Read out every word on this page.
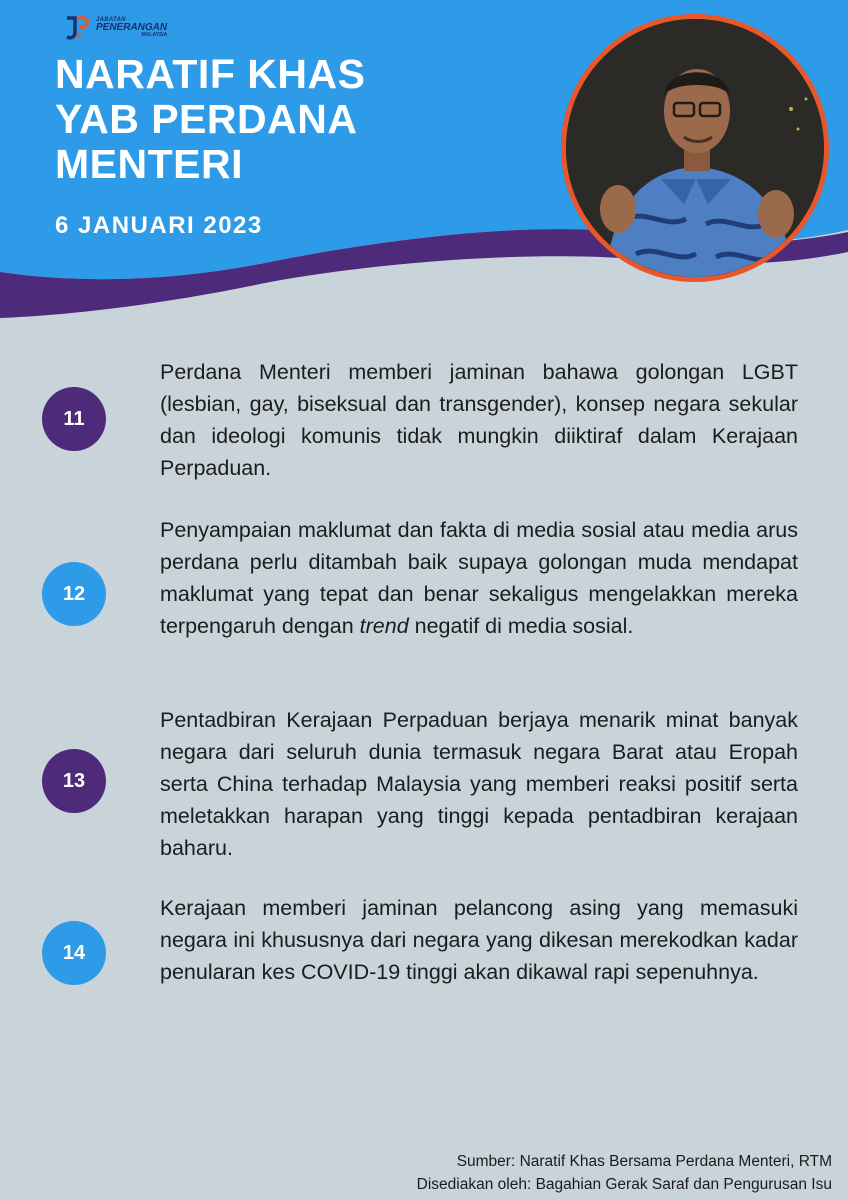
JABATAN
PENERANGAN
MALAYSIA
NARATIF KHAS
YAB PERDANA
MENTERI
6 JANUARI 2023
11

Perdana Menteri memberi jaminan bahawa golongan LGBT (lesbian, gay, biseksual dan transgender), konsep negara sekular dan ideologi komunis tidak mungkin diiktiraf dalam Kerajaan Perpaduan.

12

Penyampaian maklumat dan fakta di media sosial atau media arus perdana perlu ditambah baik supaya golongan muda mendapat maklumat yang tepat dan benar sekaligus mengelakkan mereka terpengaruh dengan trend negatif di media sosial.

13

Pentadbiran Kerajaan Perpaduan berjaya menarik minat banyak negara dari seluruh dunia termasuk negara Barat atau Eropah serta China terhadap Malaysia yang memberi reaksi positif serta meletakkan harapan yang tinggi kepada pentadbiran kerajaan baharu.

14

Kerajaan memberi jaminan pelancong asing yang memasuki negara ini khususnya dari negara yang dikesan merekodkan kadar penularan kes COVID-19 tinggi akan dikawal rapi sepenuhnya.

Sumber: Naratif Khas Bersama Perdana Menteri, RTM
Disediakan oleh: Bagahian Gerak Saraf dan Pengurusan Isu
